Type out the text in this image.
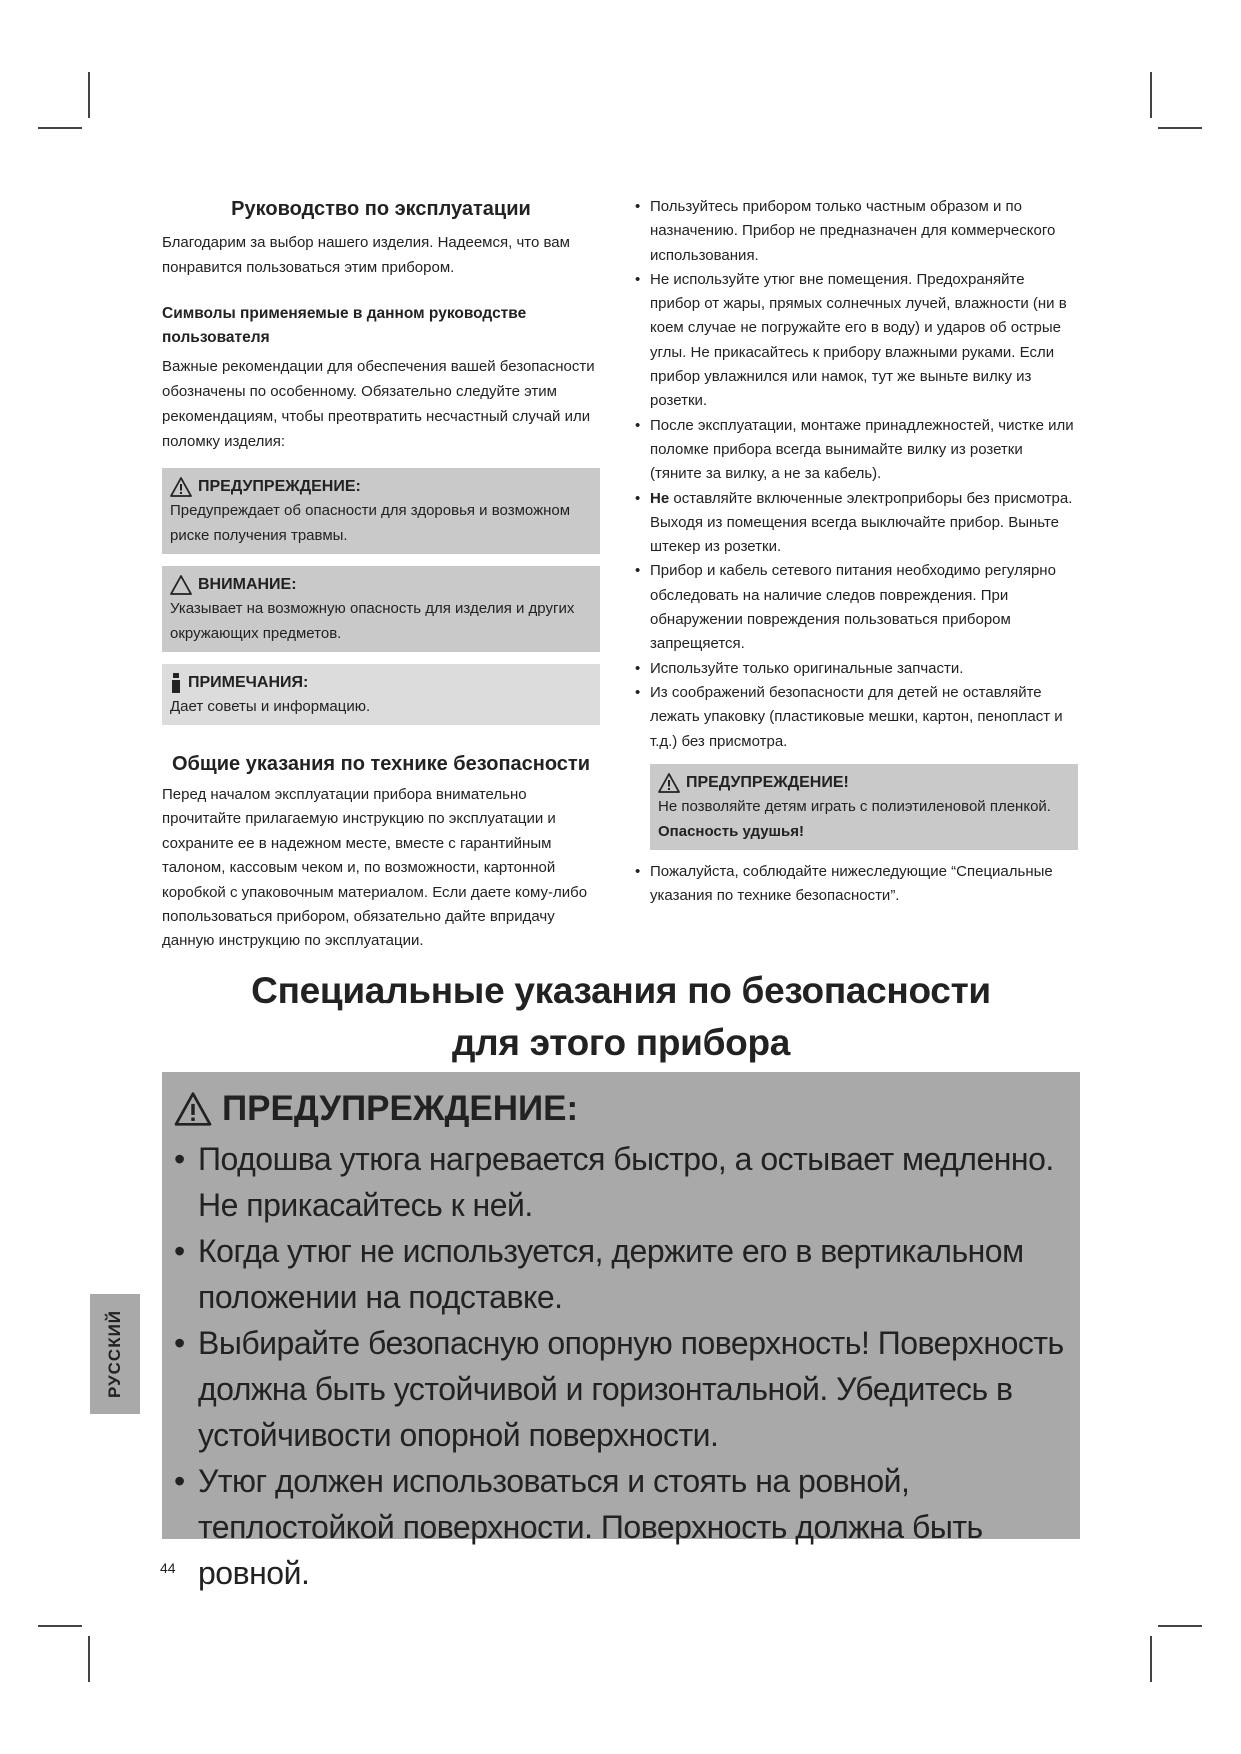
Руководство по эксплуатации

Благодарим за выбор нашего изделия. Надеемся, что вам понравится пользоваться этим прибором.

Символы применяемые в данном руководстве пользователя

Важные рекомендации для обеспечения вашей безопасности обозначены по особенному. Обязательно следуйте этим рекомендациям, чтобы преотвратить несчастный случай или поломку изделия:

ПРЕДУПРЕЖДЕНИЕ:

Предупреждает об опасности для здоровья и возможном риске получения травмы.

ВНИМАНИЕ:

Указывает на возможную опасность для изделия и других окружающих предметов.

ПРИМЕЧАНИЯ:

Дает советы и информацию.

Общие указания по технике безопасности

Перед началом эксплуатации прибора внимательно прочитайте прилагаемую инструкцию по эксплуатации и сохраните ее в надежном месте, вместе с гарантийным талоном, кассовым чеком и, по возможности, картонной коробкой с упаковочным материалом. Если даете кому-либо попользоваться прибором, обязательно дайте впридачу данную инструкцию по эксплуатации.

• Пользуйтесь прибором только частным образом и по назначению. Прибор не предназначен для коммерческого использования.
• Не используйте утюг вне помещения. Предохраняйте прибор от жары, прямых солнечных лучей, влажности (ни в коем случае не погружайте его в воду) и ударов об острые углы. Не прикасайтесь к прибору влажными руками. Если прибор увлажнился или намок, тут же выньте вилку из розетки.
• После эксплуатации, монтаже принадлежностей, чистке или поломке прибора всегда вынимайте вилку из розетки (тяните за вилку, а не за кабель).
• Не оставляйте включенные электроприборы без присмотра. Выходя из помещения всегда выключайте прибор. Выньте штекер из розетки.
• Прибор и кабель сетевого питания необходимо регулярно обследовать на наличие следов повреждения. При обнаружении повреждения пользоваться прибором запрещяется.
• Используйте только оригинальные запчасти.
• Из соображений безопасности для детей не оставляйте лежать упаковку (пластиковые мешки, картон, пенопласт и т.д.) без присмотра.
ПРЕДУПРЕЖДЕНИЕ!

Не позволяйте детям играть с полиэтиленовой пленкой. Опасность удушья!

• Пожалуйста, соблюдайте нижеследующие “Специальные указания по технике безопасности”.
Специальные указания по безопасности
для этого прибора
ПРЕДУПРЕЖДЕНИЕ:
• Подошва утюга нагревается быстро, а остывает медленно. Не прикасайтесь к ней.
• Когда утюг не используется, держите его в вертикальном положении на подставке.
• Выбирайте безопасную опорную поверхность! Поверхность должна быть устойчивой и горизонтальной. Убедитесь в устойчивости опорной поверхности.
• Утюг должен использоваться и стоять на ровной, теплостойкой поверхности. Поверхность должна быть ровной.
РУССКИЙ
44
